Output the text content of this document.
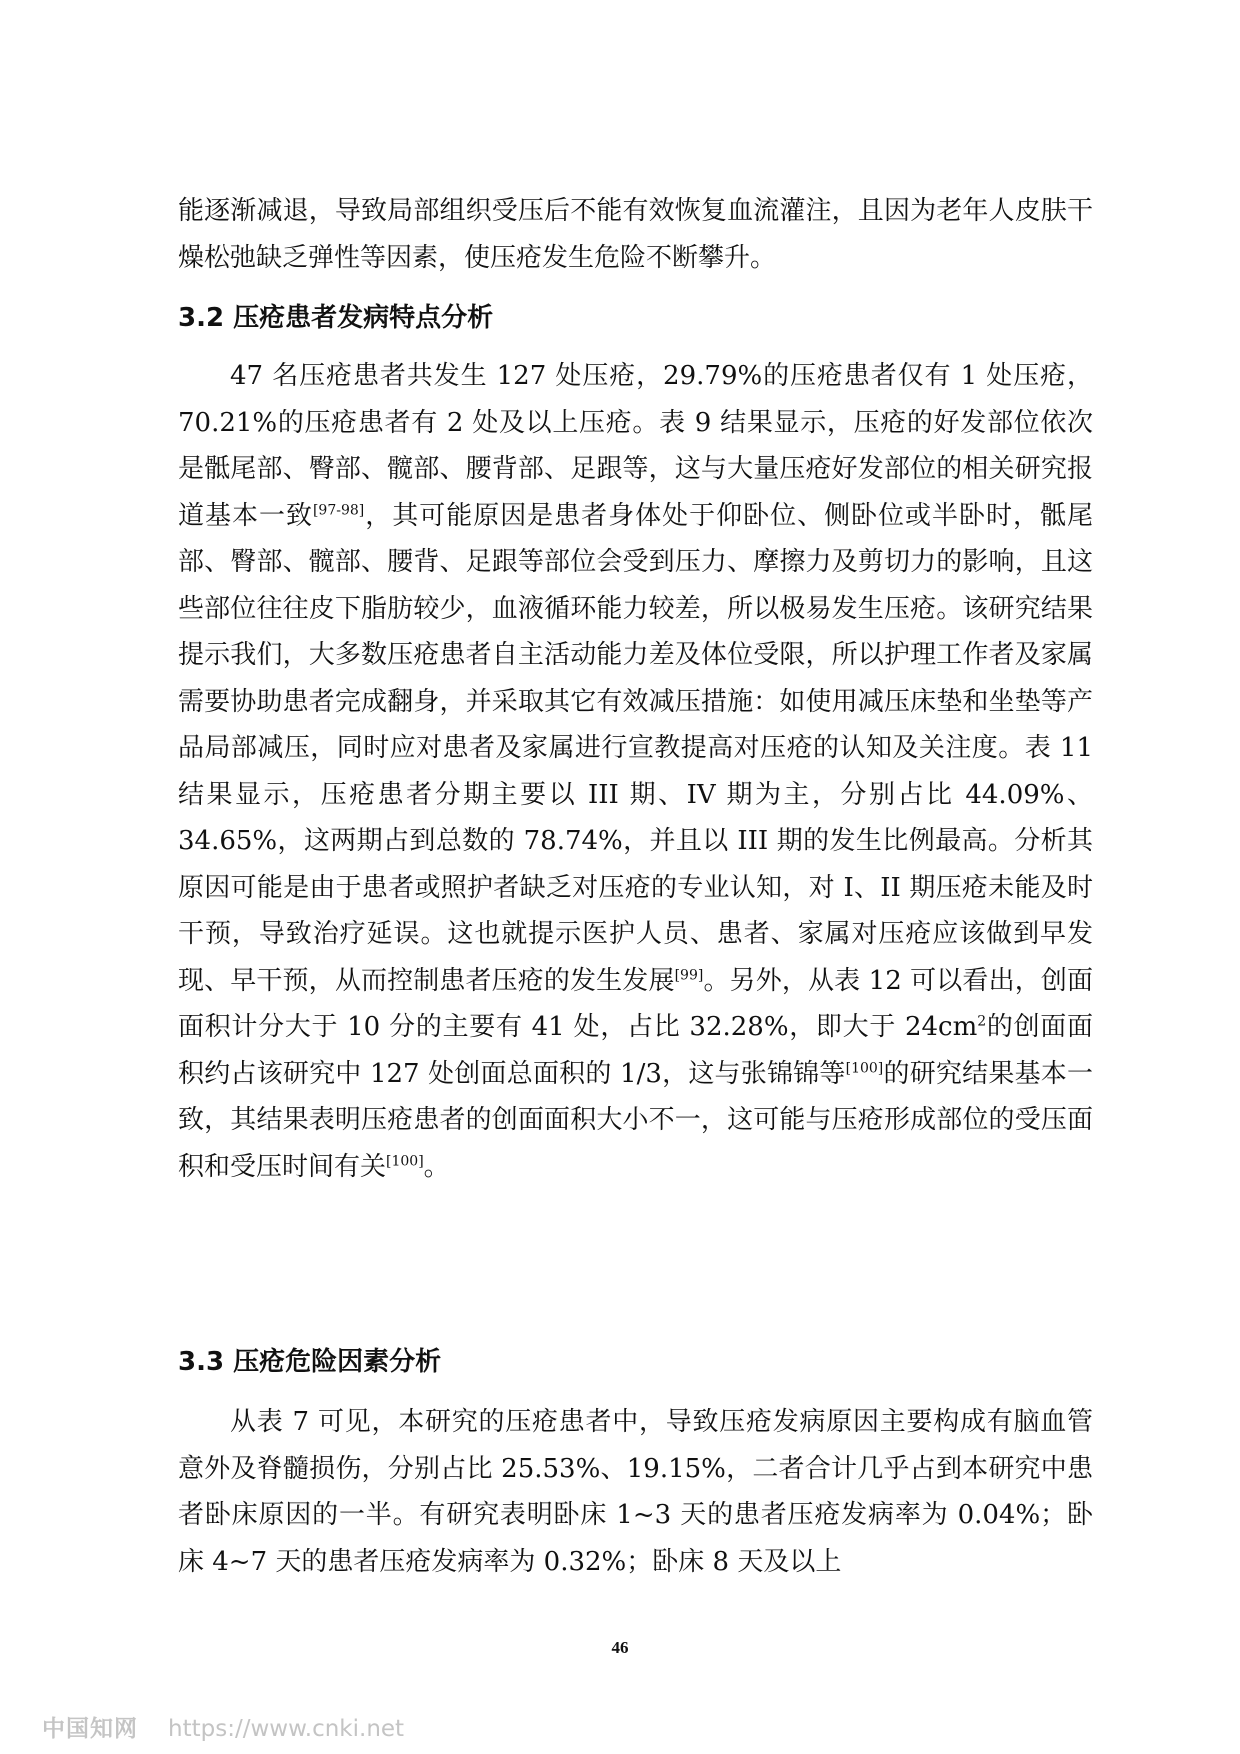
能逐渐减退，导致局部组织受压后不能有效恢复血流灌注，且因为老年人皮肤干燥松弛缺乏弹性等因素，使压疮发生危险不断攀升。

3.2 压疮患者发病特点分析

47 名压疮患者共发生 127 处压疮，29.79%的压疮患者仅有 1 处压疮，70.21%的压疮患者有 2 处及以上压疮。表 9 结果显示，压疮的好发部位依次是骶尾部、臀部、髋部、腰背部、足跟等，这与大量压疮好发部位的相关研究报道基本一致[97-98]，其可能原因是患者身体处于仰卧位、侧卧位或半卧时，骶尾部、臀部、髋部、腰背、足跟等部位会受到压力、摩擦力及剪切力的影响，且这些部位往往皮下脂肪较少，血液循环能力较差，所以极易发生压疮。该研究结果提示我们，大多数压疮患者自主活动能力差及体位受限，所以护理工作者及家属需要协助患者完成翻身，并采取其它有效减压措施：如使用减压床垫和坐垫等产品局部减压，同时应对患者及家属进行宣教提高对压疮的认知及关注度。表 11 结果显示，压疮患者分期主要以 III 期、IV 期为主，分别占比 44.09%、34.65%，这两期占到总数的 78.74%，并且以 III 期的发生比例最高。分析其原因可能是由于患者或照护者缺乏对压疮的专业认知，对 I、II 期压疮未能及时干预，导致治疗延误。这也就提示医护人员、患者、家属对压疮应该做到早发现、早干预，从而控制患者压疮的发生发展[99]。另外，从表 12 可以看出，创面面积计分大于 10 分的主要有 41 处，占比 32.28%，即大于 $24cm^2$的创面面积约占该研究中 127 处创面总面积的 1/3，这与张锦锦等[100]的研究结果基本一致，其结果表明压疮患者的创面面积大小不一，这可能与压疮形成部位的受压面积和受压时间有关[100]。

3.3 压疮危险因素分析

从表 7 可见，本研究的压疮患者中，导致压疮发病原因主要构成有脑血管意外及脊髓损伤，分别占比 25.53%、19.15%，二者合计几乎占到本研究中患者卧床原因的一半。有研究表明卧床 1~3 天的患者压疮发病率为 0.04%；卧床 4~7 天的患者压疮发病率为 0.32%；卧床 8 天及以上

46
中国知网 https://www.cnki.net
